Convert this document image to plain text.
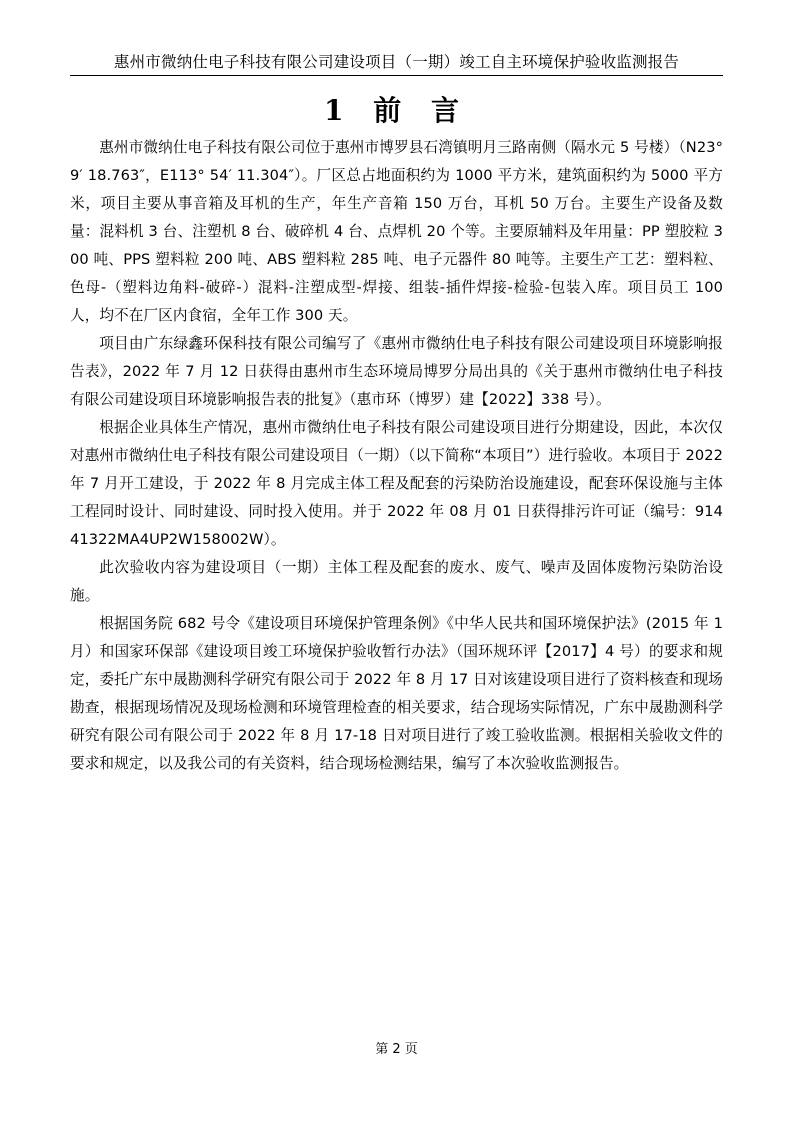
惠州市微纳仕电子科技有限公司建设项目（一期）竣工自主环境保护验收监测报告
1 前 言

惠州市微纳仕电子科技有限公司位于惠州市博罗县石湾镇明月三路南侧（隔水元 5 号楼）（N23° 9′ 18.763″，E113° 54′ 11.304″）。厂区总占地面积约为 1000 平方米，建筑面积约为 5000 平方米，项目主要从事音箱及耳机的生产，年生产音箱 150 万台，耳机 50 万台。主要生产设备及数量：混料机 3 台、注塑机 8 台、破碎机 4 台、点焊机 20 个等。主要原辅料及年用量：PP 塑胶粒 300 吨、PPS 塑料粒 200 吨、ABS 塑料粒 285 吨、电子元器件 80 吨等。主要生产工艺：塑料粒、色母-（塑料边角料-破碎-）混料-注塑成型-焊接、组装-插件焊接-检验-包装入库。项目员工 100 人，均不在厂区内食宿，全年工作 300 天。

项目由广东绿鑫环保科技有限公司编写了《惠州市微纳仕电子科技有限公司建设项目环境影响报告表》，2022 年 7 月 12 日获得由惠州市生态环境局博罗分局出具的《关于惠州市微纳仕电子科技有限公司建设项目环境影响报告表的批复》（惠市环（博罗）建【2022】338 号）。

根据企业具体生产情况，惠州市微纳仕电子科技有限公司建设项目进行分期建设，因此，本次仅对惠州市微纳仕电子科技有限公司建设项目（一期）（以下简称“本项目”）进行验收。本项目于 2022 年 7 月开工建设，于 2022 年 8 月完成主体工程及配套的污染防治设施建设，配套环保设施与主体工程同时设计、同时建设、同时投入使用。并于 2022 年 08 月 01 日获得排污许可证（编号：91441322MA4UP2W158002W）。

此次验收内容为建设项目（一期）主体工程及配套的废水、废气、噪声及固体废物污染防治设施。

根据国务院 682 号令《建设项目环境保护管理条例》《中华人民共和国环境保护法》(2015 年 1 月）和国家环保部《建设项目竣工环境保护验收暂行办法》（国环规环评【2017】4 号）的要求和规定，委托广东中晟勘测科学研究有限公司于 2022 年 8 月 17 日对该建设项目进行了资料核查和现场勘查，根据现场情况及现场检测和环境管理检查的相关要求，结合现场实际情况，广东中晟勘测科学研究有限公司有限公司于 2022 年 8 月 17-18 日对项目进行了竣工验收监测。根据相关验收文件的要求和规定，以及我公司的有关资料，结合现场检测结果，编写了本次验收监测报告。

第 2 页
